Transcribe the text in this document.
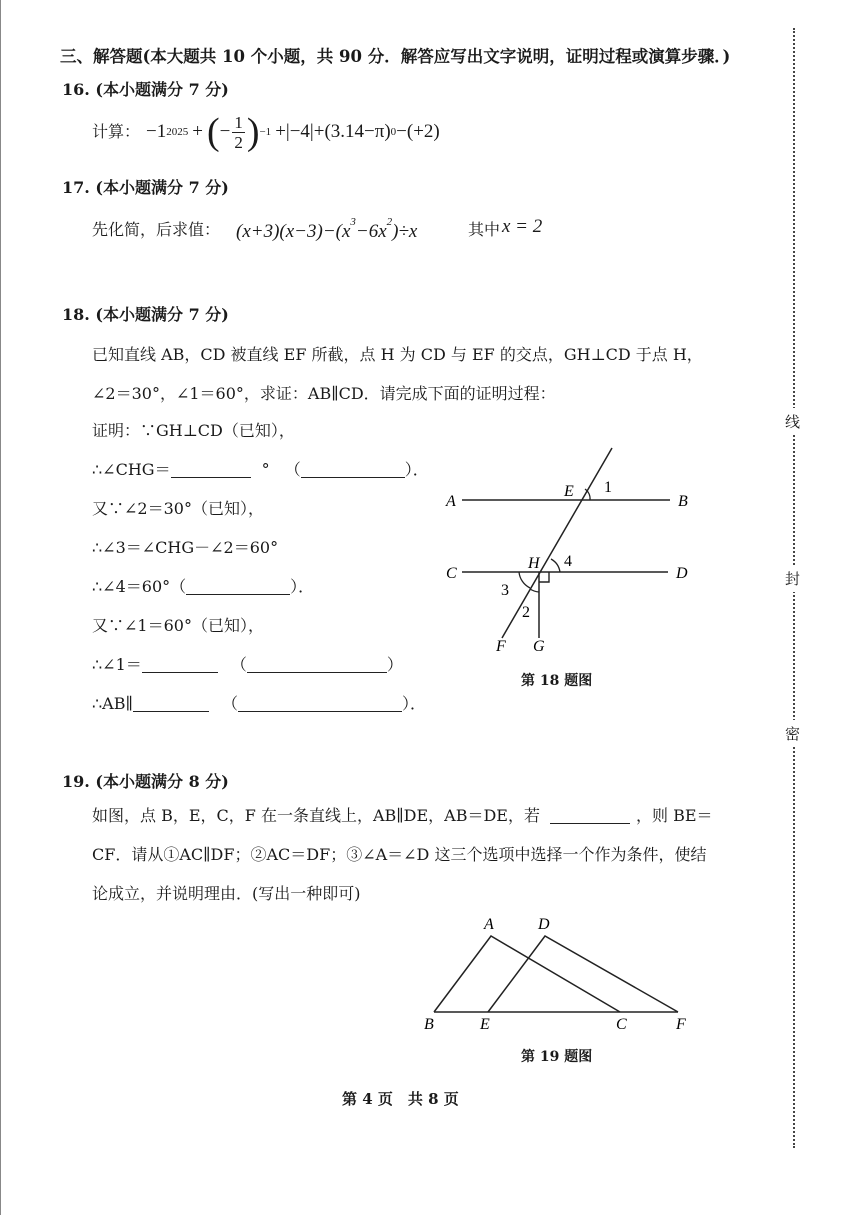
三、解答题(本大题共 10 个小题，共 90 分．解答应写出文字说明，证明过程或演算步骤．)
16. (本小题满分 7 分)
计算： −1 2025 + ( − $\frac{1}{2}$ ) −1 +|−4|+ (3.14−π) 0 −(+2)
17. (本小题满分 7 分)
先化简，后求值： $(x+3)(x-3)-(x^3-6x^2)\div x$	其中 x = 2
18. (本小题满分 7 分)
已知直线 AB，CD 被直线 EF 所截，点 H 为 CD 与 EF 的交点，GH⊥CD 于点 H，
∠2＝30°，∠1＝60°，求证：AB∥CD．请完成下面的证明过程：
证明：∵GH⊥CD（已知），
∴∠CHG＝	° （	）．
又∵∠2＝30°（已知），
∴∠3＝∠CHG－∠2＝60°
∴∠4＝60°（	）．
又∵∠1＝60°（已知），
∴∠1＝	（	）
∴AB∥	（	）．
A	B
C	D
E
H
F G
1
4
3
2
第 18 题图
19. (本小题满分 8 分)
如图，点 B，E，C，F 在一条直线上，AB∥DE，AB＝DE，若	，则 BE＝
CF．请从①AC∥DF；②AC＝DF；③∠A＝∠D 这三个选项中选择一个作为条件，使结
论成立，并说明理由．(写出一种即可)
A	D
B	E	C	F
第 19 题图
第 4 页　共 8 页
线
封
密
